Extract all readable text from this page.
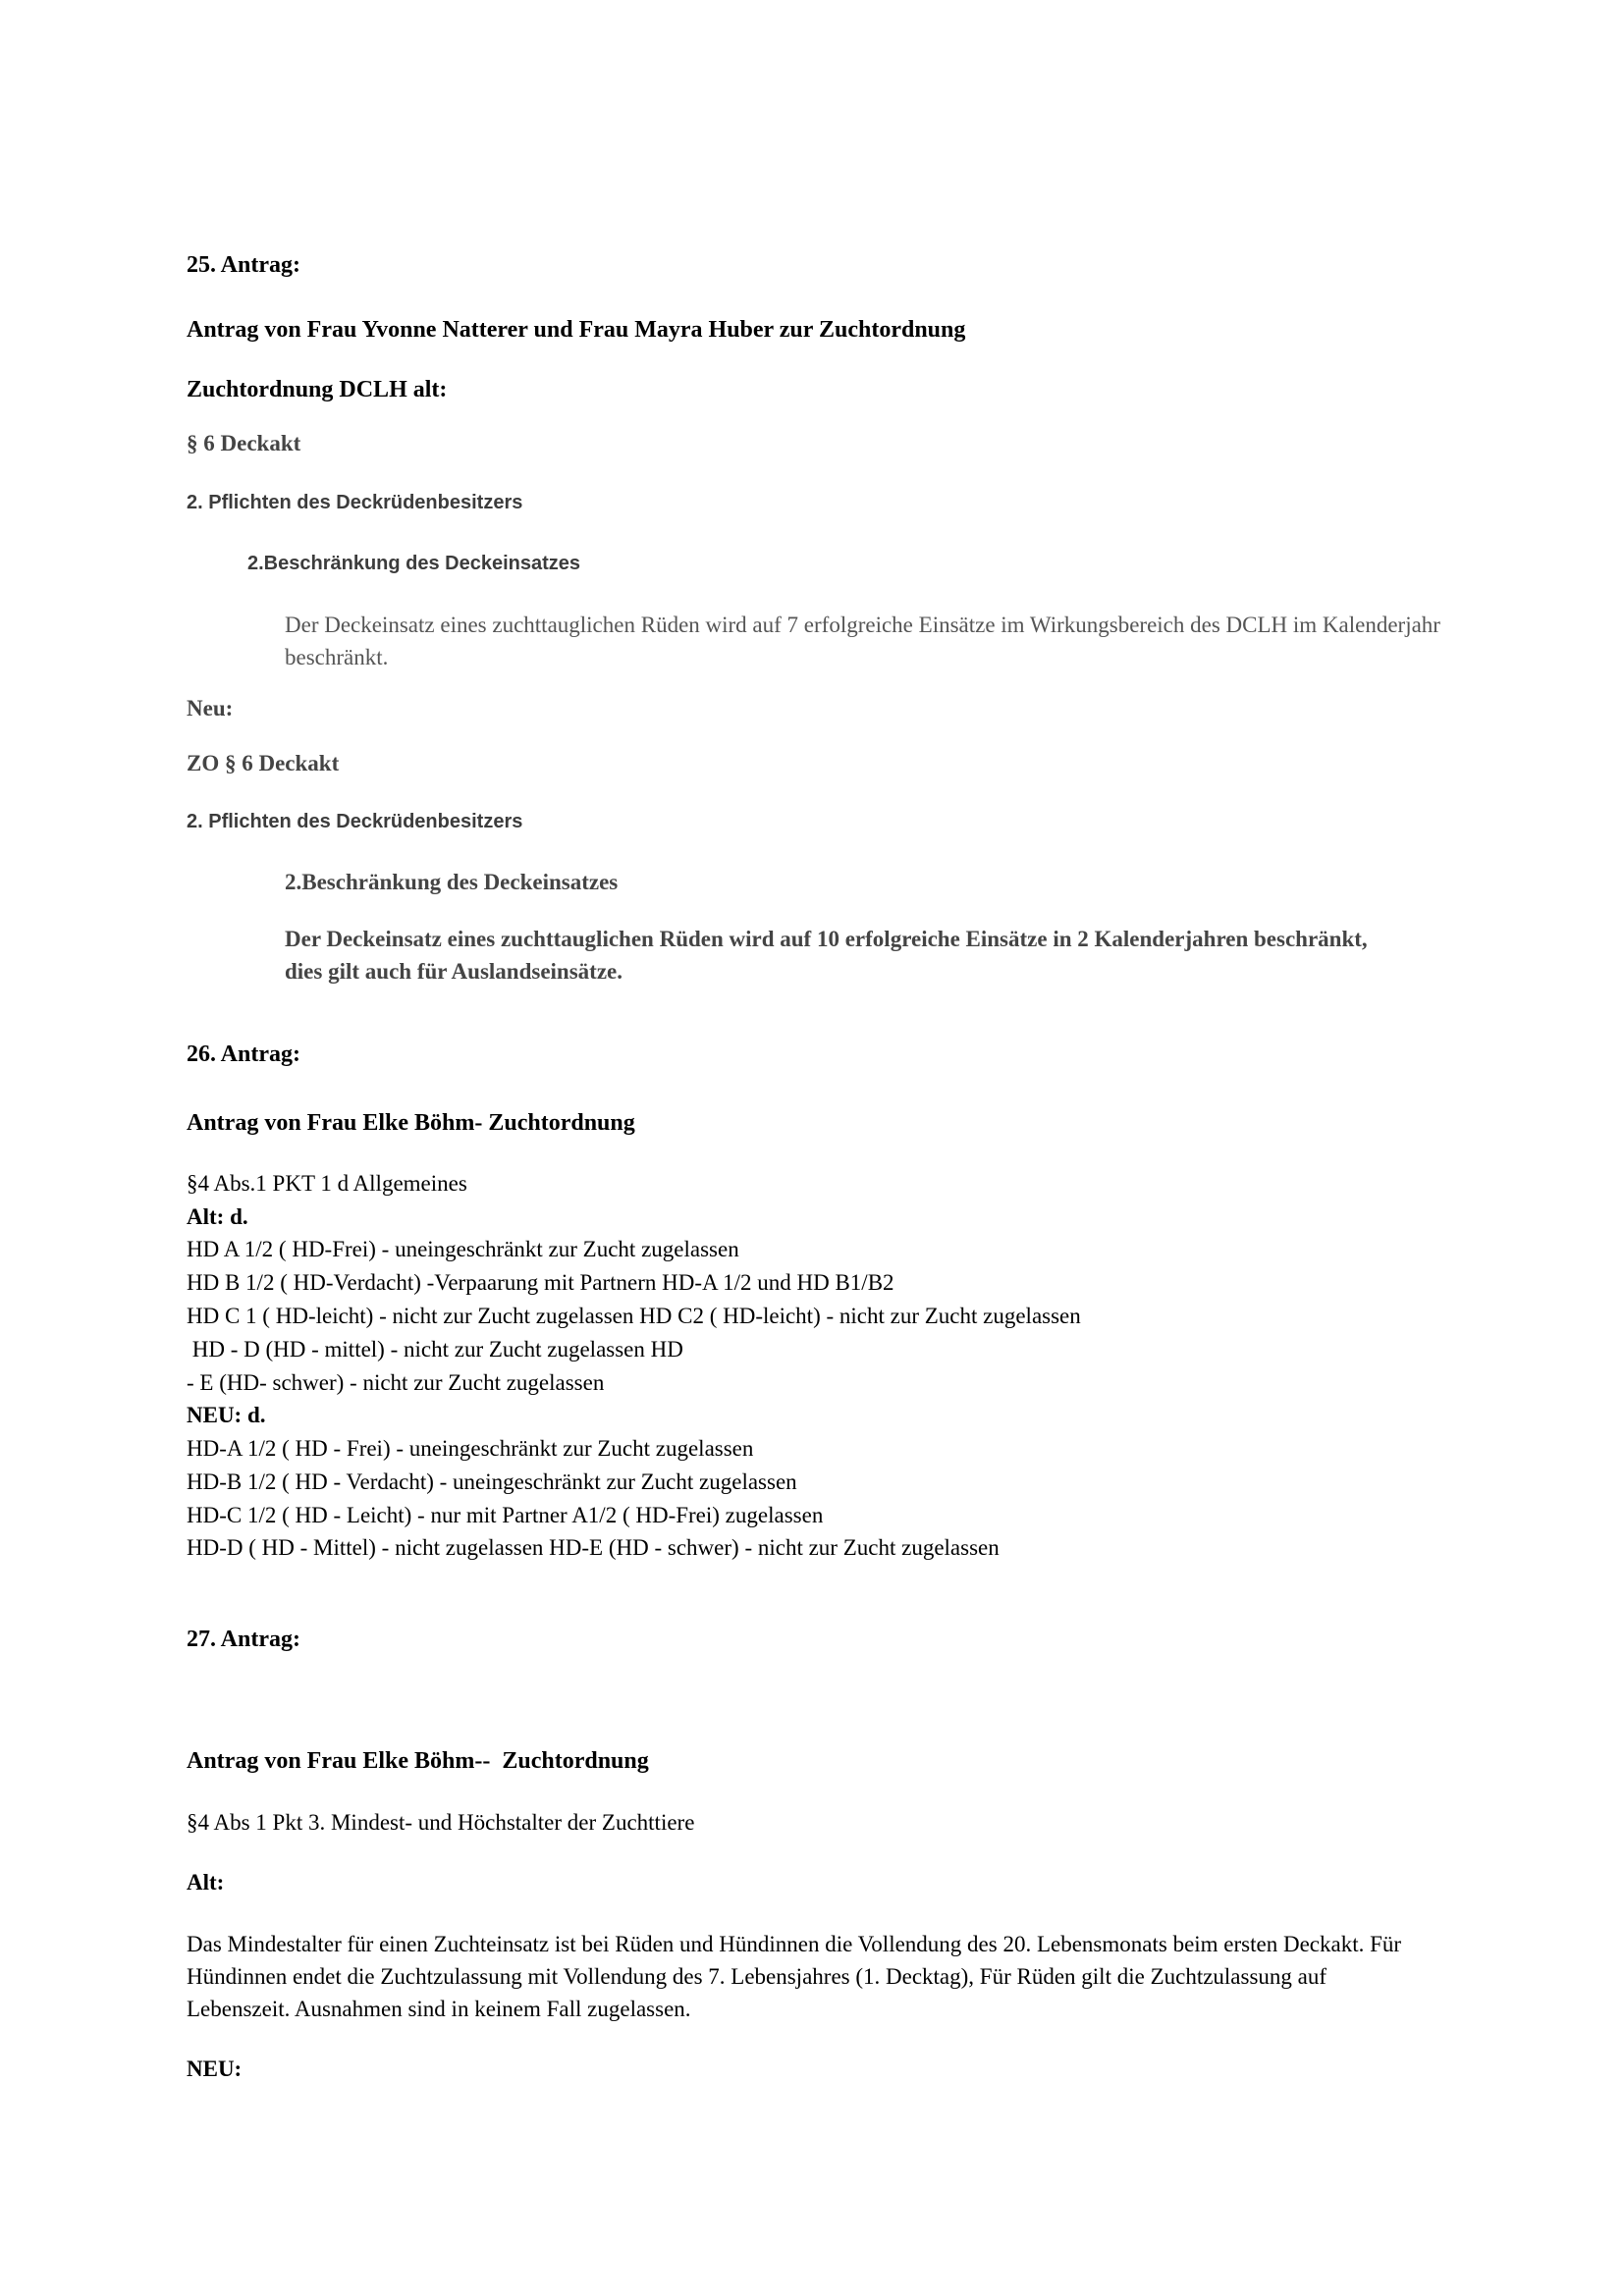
25. Antrag:

Antrag von Frau Yvonne Natterer und Frau Mayra Huber zur Zuchtordnung

Zuchtordnung DCLH alt:

§ 6 Deckakt

2. Pflichten des Deckrüdenbesitzers

2.Beschränkung des Deckeinsatzes

Der Deckeinsatz eines zuchttauglichen Rüden wird auf 7 erfolgreiche Einsätze im Wirkungsbereich des DCLH im Kalenderjahr beschränkt.

Neu:

ZO § 6 Deckakt

2. Pflichten des Deckrüdenbesitzers

2.Beschränkung des Deckeinsatzes

Der Deckeinsatz eines zuchttauglichen Rüden wird auf 10 erfolgreiche Einsätze in 2 Kalenderjahren beschränkt, dies gilt auch für Auslandseinsätze.

26. Antrag:

Antrag von Frau Elke Böhm- Zuchtordnung

§4 Abs.1 PKT 1 d Allgemeines

Alt: d.

HD A 1/2 ( HD-Frei) - uneingeschränkt zur Zucht zugelassen

HD B 1/2 ( HD-Verdacht) -Verpaarung mit Partnern HD-A 1/2 und HD B1/B2

HD C 1 ( HD-leicht) - nicht zur Zucht zugelassen HD C2 ( HD-leicht) - nicht zur Zucht zugelassen

HD - D (HD - mittel) - nicht zur Zucht zugelassen HD

- E (HD- schwer) - nicht zur Zucht zugelassen

NEU: d.

HD-A 1/2 ( HD - Frei) - uneingeschränkt zur Zucht zugelassen

HD-B 1/2 ( HD - Verdacht) - uneingeschränkt zur Zucht zugelassen

HD-C 1/2 ( HD - Leicht) - nur mit Partner A1/2 ( HD-Frei) zugelassen

HD-D ( HD - Mittel) - nicht zugelassen HD-E (HD - schwer) - nicht zur Zucht zugelassen

27. Antrag:

Antrag von Frau Elke Böhm--  Zuchtordnung

§4 Abs 1 Pkt 3. Mindest- und Höchstalter der Zuchttiere

Alt:

Das Mindestalter für einen Zuchteinsatz ist bei Rüden und Hündinnen die Vollendung des 20. Lebensmonats beim ersten Deckakt. Für Hündinnen endet die Zuchtzulassung mit Vollendung des 7. Lebensjahres (1. Decktag), Für Rüden gilt die Zuchtzulassung auf Lebenszeit. Ausnahmen sind in keinem Fall zugelassen.

NEU:
